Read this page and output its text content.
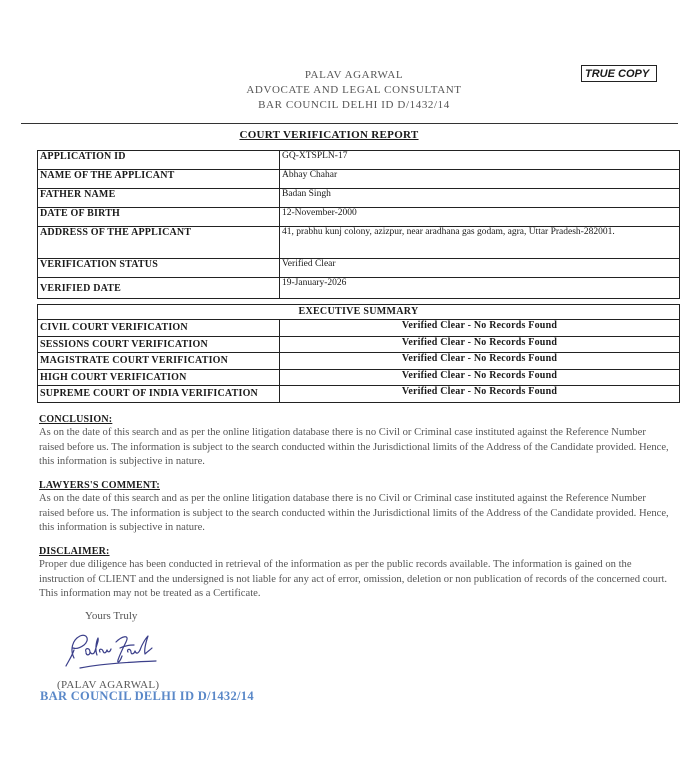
TRUE COPY
PALAV AGARWAL
ADVOCATE AND LEGAL CONSULTANT
BAR COUNCIL DELHI ID D/1432/14
COURT VERIFICATION REPORT
APPLICATION ID	GQ-XTSPLN-17
NAME OF THE APPLICANT	Abhay Chahar
FATHER NAME	Badan Singh
DATE OF BIRTH	12-November-2000
ADDRESS OF THE APPLICANT	41, prabhu kunj colony, azizpur, near aradhana gas godam, agra, Uttar Pradesh-282001.
VERIFICATION STATUS	Verified Clear
VERIFIED DATE	19-January-2026
EXECUTIVE SUMMARY	
CIVIL COURT VERIFICATION	Verified Clear - No Records Found
SESSIONS COURT VERIFICATION	Verified Clear - No Records Found
MAGISTRATE COURT VERIFICATION	Verified Clear - No Records Found
HIGH COURT VERIFICATION	Verified Clear - No Records Found
SUPREME COURT OF INDIA VERIFICATION	Verified Clear - No Records Found
CONCLUSION:
As on the date of this search and as per the online litigation database there is no Civil or Criminal case instituted against the Reference Number raised before us. The information is subject to the search conducted within the Jurisdictional limits of the Address of the Candidate provided. Hence, this information is subjective in nature.
LAWYERS'S COMMENT:
As on the date of this search and as per the online litigation database there is no Civil or Criminal case instituted against the Reference Number raised before us. The information is subject to the search conducted within the Jurisdictional limits of the Address of the Candidate provided. Hence, this information is subjective in nature.
DISCLAIMER:
Proper due diligence has been conducted in retrieval of the information as per the public records available. The information is gained on the instruction of CLIENT and the undersigned is not liable for any act of error, omission, deletion or non publication of records of the concerned court. This information may not be treated as a Certificate.
Yours Truly
(PALAV AGARWAL)
BAR COUNCIL DELHI ID D/1432/14
